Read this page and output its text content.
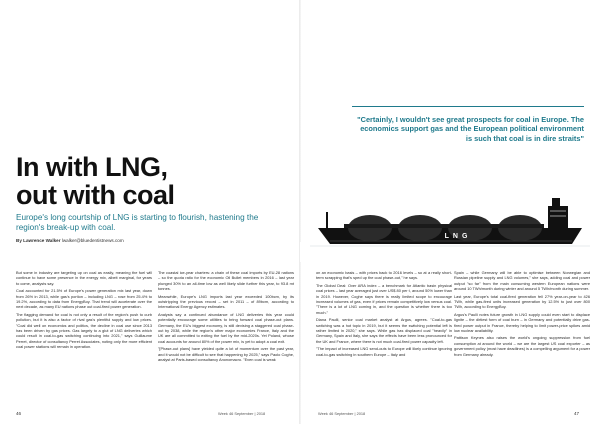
"Certainly, I wouldn't see great prospects for coal in Europe. The economics support gas and the European political environment is such that coal is in dire straits"
In with LNG,
out with coal
Europe's long courtship of LNG is starting to flourish, hastening the region's break-up with coal.
By Lawrence Walker lwalker@bluedentistnews.com
LNG

But some in industry are targeting up on coal as easily, meaning the fuel will continue to have some presence in the energy mix, albeit marginal, for years to come, analysts say.

Coal accounted for 21.5% of Europe's power generation mix last year, down from 26% in 2013, while gas's portion – including LNG – rose from 25.4% to 19.2%, according to data from EnergyBoy. That trend will accelerate over the next decade, as many EU nations phase out coal-fired power generation.

The flagging demand for coal is not only a result of the region's push to curb pollution, but it is also a factor of rival gas's plentiful supply and low prices. "Coal did well on economics and politics, the decline in coal use since 2013 has been driven by gas prices. Gas largely to a glut of LNG deliveries which could result in coal-to-gas switching continuing into 2021," says Guillaume Perret, director of consultancy Perret Associates, noting only the more efficient coal power stations will remain in operation.

The coastal ice-year charters: a chain of these coal imports by EU-28 nations – so the quota ratio for the economic Oil Bullet members in 2016 – last year plunged 30% to an all-time low as well likely slide further this year, to 93.8 mt tonnes.

Meanwhile, Europe's LNG imports last year exceeded 100bcm, by its outstripping the previous record – set in 2011 – of 89bcm, according to International Energy Agency estimates.

Analysts say a continued abundance of LNG deliveries this year could potentially encourage some utilities to bring forward coal phase-out plans. Germany, the EU's biggest economy, is still devising a staggered coal phase-out by 2038, while the region's other major economies France, Italy and the UK are all committed to exiting the fuel by the mid-2020s. Yet Poland, whose coal accounts for around 80% of the power mix, is yet to adopt a coal exit.

"[Phase-out plans] have yielded quite a lot of momentum over the past year, and it would not be difficult to see that happening by 2025," says Paolo Coghe, analyst at Paris-based consultancy Anonomacro. "Even coal is weak

on an economic basis – with prices back to 2016 levels – so at a really short-term scrapping that's sped up the coal phase-out," he says.

The Global Deal: Over ARA index – a benchmark for Atlantic basin physical coal prices – last year averaged just over US$ 80 per t, around 50% lower than in 2019. However, Coghe says there is really limited scope to encourage increased volumes of gas, even if prices remain competitively low versus coal. "There is a lot of LNG coming in, and the question is whether there is too much."

Diana Paulli, senior coal market analyst at Argus, agrees. "Coal-to-gas switching was a hot topic in 2019, but it seems the switching potential left is rather limited in 2020," she says. While gas has displaced coal "heavily" in Germany, Spain and Italy, she says the effects have been less pronounced for the UK and France, where there is not much coal-fired power capacity left.

"The impact of increased LNG send-outs to Europe will likely continue ignoring coal-to-gas switching in southern Europe – Italy and

Spain – while Germany will be able to optimise between Norwegian and Russian pipeline supply and LNG volumes," she says, adding coal and power output "so far" from the main consuming western European nations were around 10 TWh/month during winter and around 5 TWh/month during summer.

Last year, Europe's total coal-fired generation fell 27% year-on-year to 426 TWh, while gas-fired units increased generation by 12.5% to just over 800 TWh, according to EnergyBoy.

Argus's Paulli notes future growth in LNG supply could even start to displace lignite – the dirtiest form of coal burn – in Germany and potentially drive gas-fired power output in France, thereby helping to limit power-price spikes amid low nuclear availability.

Pattison Keynes also raises the world's ongoing suppression from fuel consumption at around the world – we are the largest US coal exporter – as government policy (most have deadlines) is a compelling argument for a power from Germany already.

46	Week 46 September | 2018	Week 46 September | 2018	47
